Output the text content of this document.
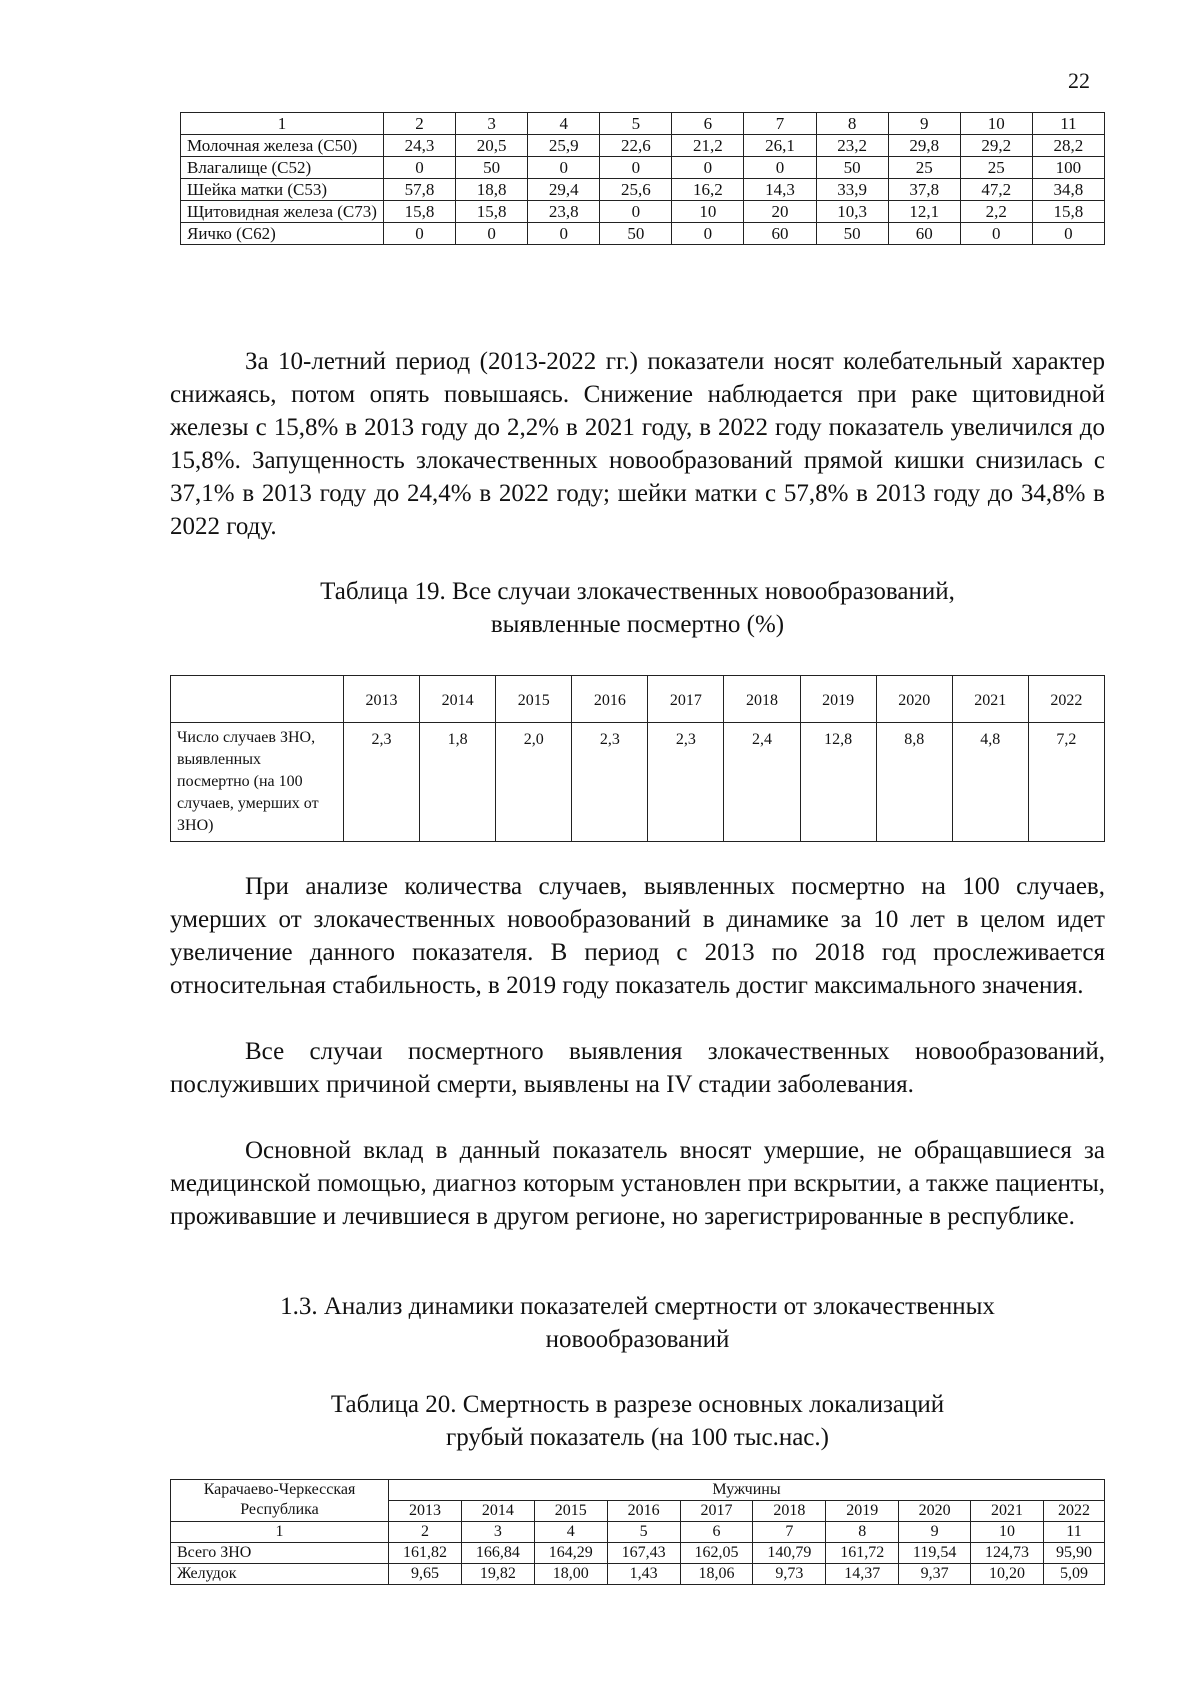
22
1	2	3	4	5	6	7	8	9	10	11
Молочная железа (С50)	24,3	20,5	25,9	22,6	21,2	26,1	23,2	29,8	29,2	28,2
Влагалище (С52)	0	50	0	0	0	0	50	25	25	100
Шейка матки (С53)	57,8	18,8	29,4	25,6	16,2	14,3	33,9	37,8	47,2	34,8
Щитовидная железа (С73)	15,8	15,8	23,8	0	10	20	10,3	12,1	2,2	15,8
Яичко (С62)	0	0	0	50	0	60	50	60	0	0

За 10-летний период (2013-2022 гг.) показатели носят колебательный характер снижаясь, потом опять повышаясь. Снижение наблюдается при раке щитовидной железы с 15,8% в 2013 году до 2,2% в 2021 году, в 2022 году показатель увеличился до 15,8%. Запущенность злокачественных новообразований прямой кишки снизилась с 37,1% в 2013 году до 24,4% в 2022 году; шейки матки с 57,8% в 2013 году до 34,8% в 2022 году.

Таблица 19. Все случаи злокачественных новообразований,
выявленные посмертно (%)

	2013	2014	2015	2016	2017	2018	2019	2020	2021	2022
Число случаев ЗНО, выявленных посмертно (на 100 случаев, умерших от ЗНО)	2,3	1,8	2,0	2,3	2,3	2,4	12,8	8,8	4,8	7,2

При анализе количества случаев, выявленных посмертно на 100 случаев, умерших от злокачественных новообразований в динамике за 10 лет в целом идет увеличение данного показателя. В период с 2013 по 2018 год прослеживается относительная стабильность, в 2019 году показатель достиг максимального значения.

Все случаи посмертного выявления злокачественных новообразований, послуживших причиной смерти, выявлены на IV стадии заболевания.

Основной вклад в данный показатель вносят умершие, не обращавшиеся за медицинской помощью, диагноз которым установлен при вскрытии, а также пациенты, проживавшие и лечившиеся в другом регионе, но зарегистрированные в республике.

1.3. Анализ динамики показателей смертности от злокачественных
новообразований

Таблица 20. Смертность в разрезе основных локализаций
грубый показатель (на 100 тыс.нас.)

Карачаево-Черкесская Республика	Мужчины									
	2013	2014	2015	2016	2017	2018	2019	2020	2021	2022
1	2	3	4	5	6	7	8	9	10	11
Всего ЗНО	161,82	166,84	164,29	167,43	162,05	140,79	161,72	119,54	124,73	95,90
Желудок	9,65	19,82	18,00	1,43	18,06	9,73	14,37	9,37	10,20	5,09
